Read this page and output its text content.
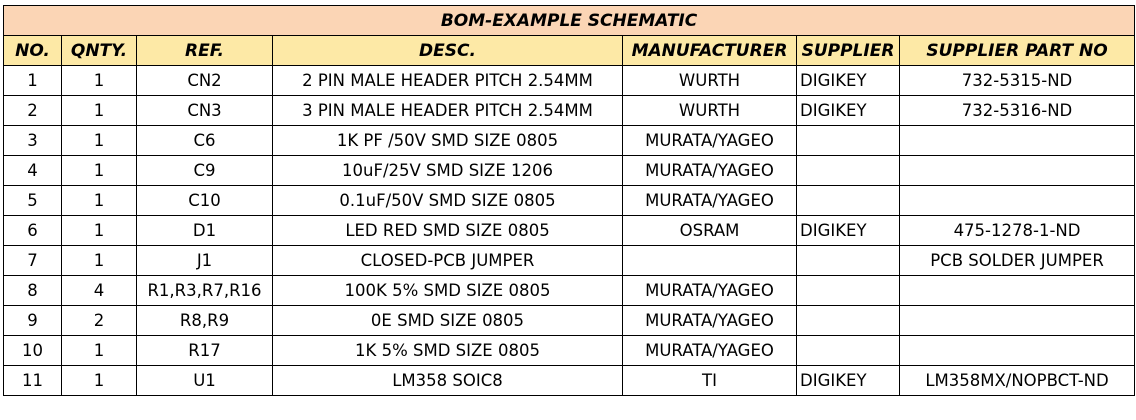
BOM-EXAMPLE SCHEMATIC						
NO.	QNTY.	REF.	DESC.	MANUFACTURER	SUPPLIER	SUPPLIER PART NO
1	1	CN2	2 PIN MALE HEADER PITCH 2.54MM	WURTH	DIGIKEY	732-5315-ND
2	1	CN3	3 PIN MALE HEADER PITCH 2.54MM	WURTH	DIGIKEY	732-5316-ND
3	1	C6	1K PF /50V SMD SIZE 0805	MURATA/YAGEO		
4	1	C9	10uF/25V SMD SIZE 1206	MURATA/YAGEO		
5	1	C10	0.1uF/50V SMD SIZE 0805	MURATA/YAGEO		
6	1	D1	LED RED SMD SIZE 0805	OSRAM	DIGIKEY	475-1278-1-ND
7	1	J1	CLOSED-PCB JUMPER			PCB SOLDER JUMPER
8	4	R1,R3,R7,R16	100K 5% SMD SIZE 0805	MURATA/YAGEO		
9	2	R8,R9	0E SMD SIZE 0805	MURATA/YAGEO		
10	1	R17	1K 5% SMD SIZE 0805	MURATA/YAGEO		
11	1	U1	LM358 SOIC8	TI	DIGIKEY	LM358MX/NOPBCT-ND
